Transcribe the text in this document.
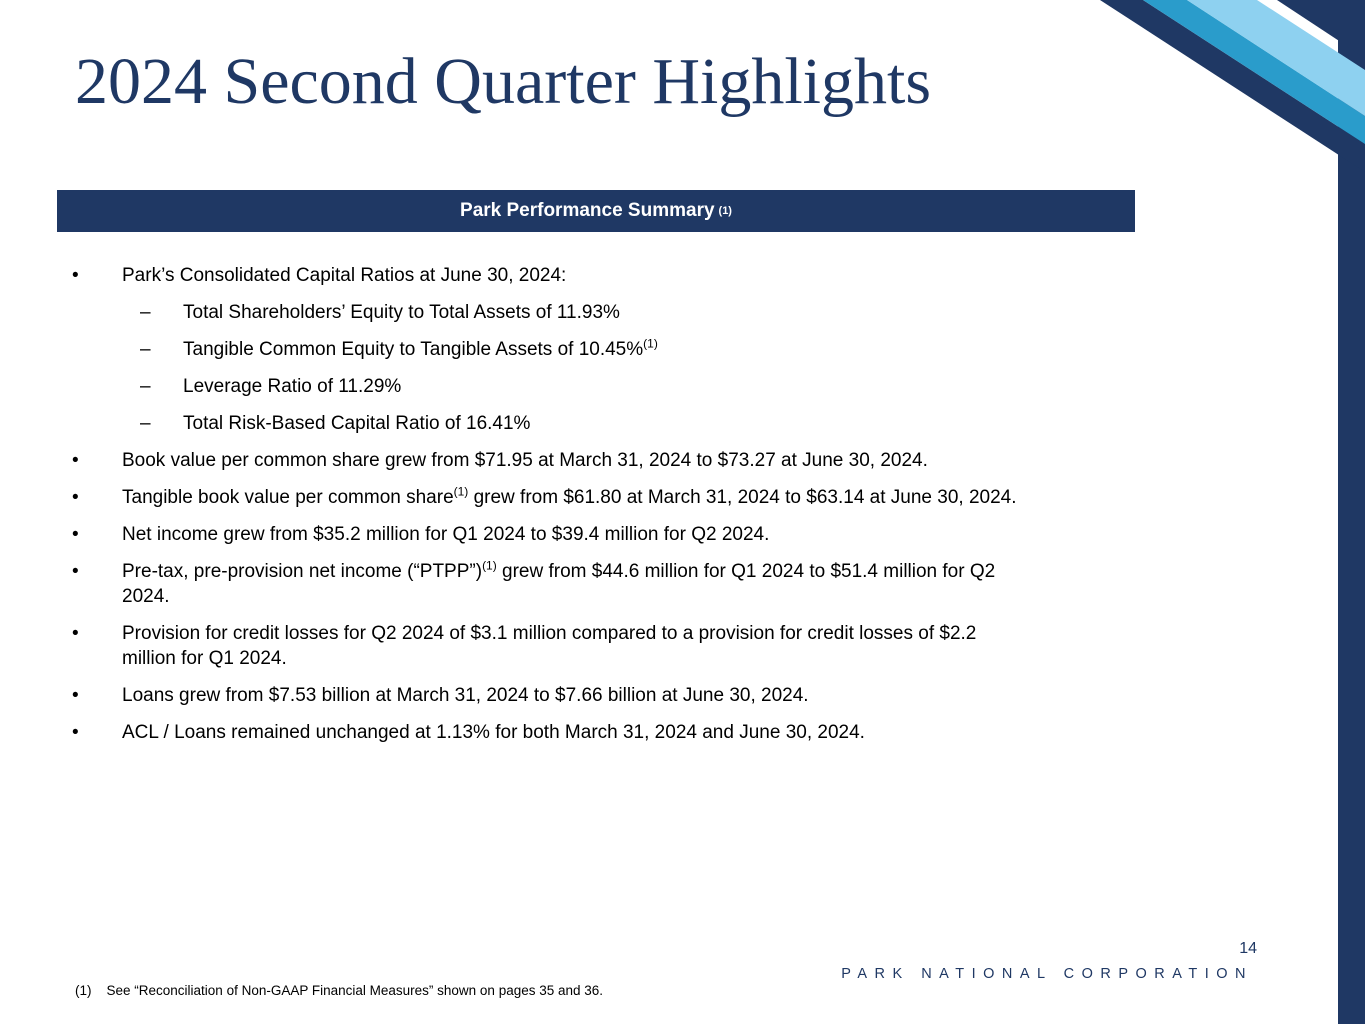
2024 Second Quarter Highlights
Park Performance Summary (1)
•	Park’s Consolidated Capital Ratios at June 30, 2024:
–	Total Shareholders’ Equity to Total Assets of 11.93%
–	Tangible Common Equity to Tangible Assets of 10.45%$^{(1)}$
–	Leverage Ratio of 11.29%
–	Total Risk-Based Capital Ratio of 16.41%
•	Book value per common share grew from $71.95 at March 31, 2024 to $73.27 at June 30, 2024.
•	Tangible book value per common share$^{(1)}$ grew from $61.80 at March 31, 2024 to $63.14 at June 30, 2024.
•	Net income grew from $35.2 million for Q1 2024 to $39.4 million for Q2 2024.
•	Pre-tax, pre-provision net income (“PTPP”)$^{(1)}$ grew from $44.6 million for Q1 2024 to $51.4 million for Q2 2024.
•	Provision for credit losses for Q2 2024 of $3.1 million compared to a provision for credit losses of $2.2 million for Q1 2024.
•	Loans grew from $7.53 billion at March 31, 2024 to $7.66 billion at June 30, 2024.
•	ACL / Loans remained unchanged at 1.13% for both March 31, 2024 and June 30, 2024.
(1)    See “Reconciliation of Non-GAAP Financial Measures” shown on pages 35 and 36.
14
PARK NATIONAL CORPORATION
